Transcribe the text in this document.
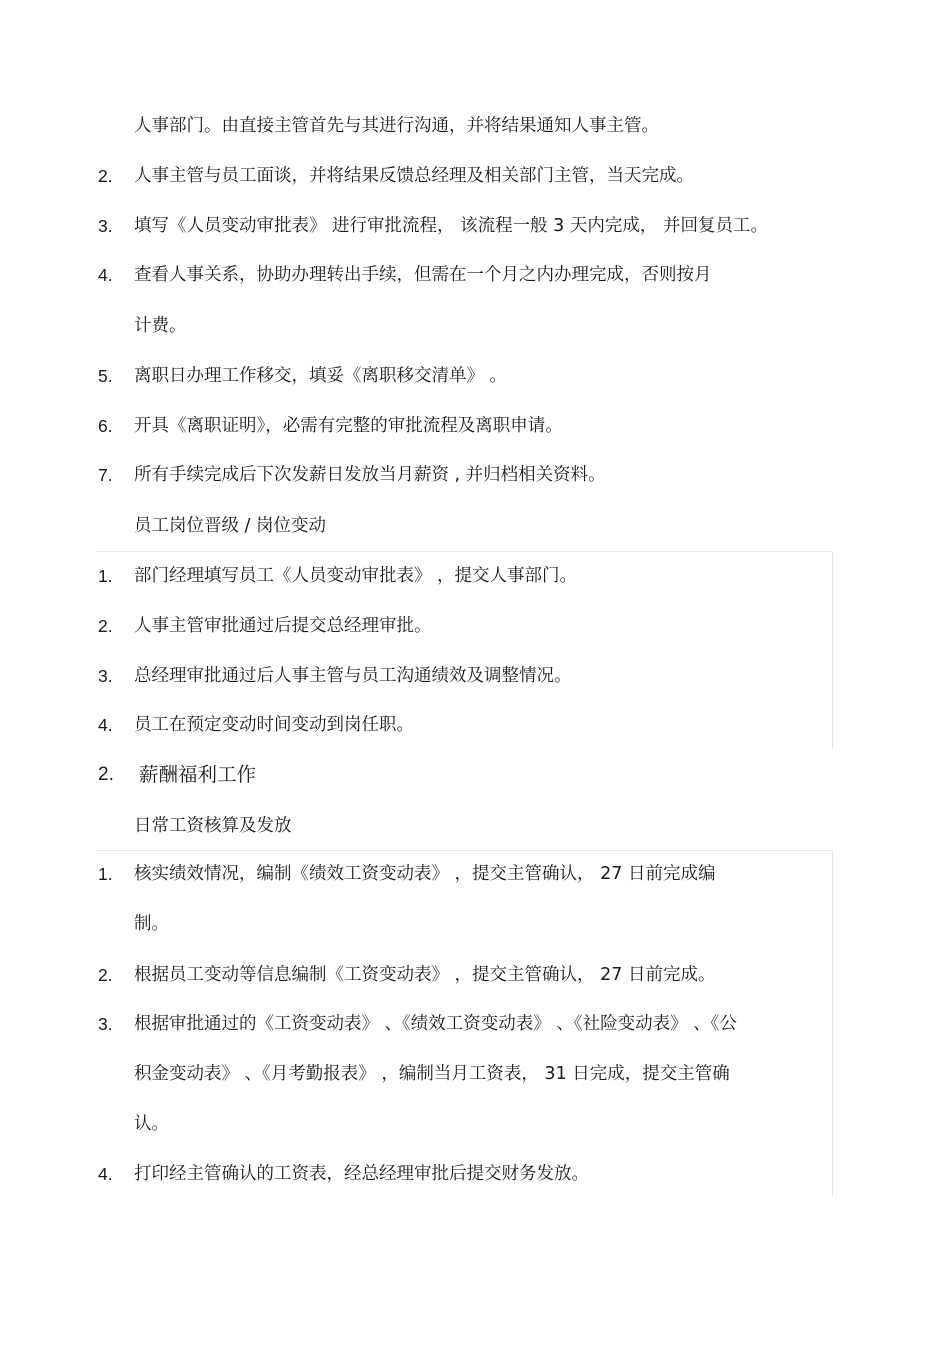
人事部门。由直接主管首先与其进行沟通，并将结果通知人事主管。
2. 人事主管与员工面谈，并将结果反馈总经理及相关部门主管，当天完成。
3. 填写《人员变动审批表》 进行审批流程， 该流程一般 3 天内完成， 并回复员工。
4. 查看人事关系，协助办理转出手续，但需在一个月之内办理完成，否则按月
计费。
5. 离职日办理工作移交，填妥《离职移交清单》 。
6. 开具《离职证明》，必需有完整的审批流程及离职申请。
7. 所有手续完成后下次发薪日发放当月薪资 , 并归档相关资料。
员工岗位晋级 / 岗位变动
1. 部门经理填写员工《人员变动审批表》 ，提交人事部门。
2. 人事主管审批通过后提交总经理审批。
3. 总经理审批通过后人事主管与员工沟通绩效及调整情况。
4. 员工在预定变动时间变动到岗任职。
2. 薪酬福利工作
日常工资核算及发放
1. 核实绩效情况，编制《绩效工资变动表》 ，提交主管确认， 27 日前完成编
制。
2. 根据员工变动等信息编制《工资变动表》 ，提交主管确认， 27 日前完成。
3. 根据审批通过的《工资变动表》 、《绩效工资变动表》 、《社险变动表》 、《公
积金变动表》 、《月考勤报表》 ，编制当月工资表， 31 日完成，提交主管确
认。
4. 打印经主管确认的工资表，经总经理审批后提交财务发放。
